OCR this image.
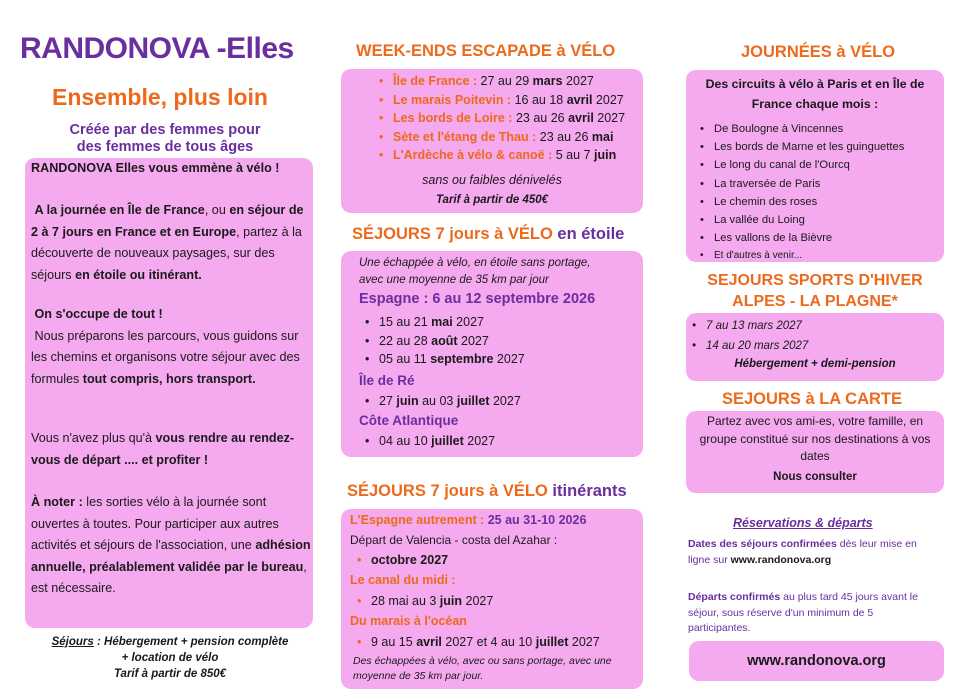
RANDONOVA -Elles
Ensemble, plus loin
Créée par des femmes pour
des femmes de tous âges
RANDONOVA Elles vous emmène à vélo !
A la journée en Île de France, ou en séjour de 2 à 7 jours en France et en Europe, partez à la découverte de nouveaux paysages, sur des séjours en étoile ou itinérant.
On s'occupe de tout !
Nous préparons les parcours, vous guidons sur les chemins et organisons votre séjour avec des formules tout compris, hors transport.
Vous n'avez plus qu'à vous rendre au rendez-vous de départ .... et profiter !
À noter : les sorties vélo à la journée sont ouvertes à toutes. Pour participer aux autres activités et séjours de l'association, une adhésion annuelle, préalablement validée par le bureau, est nécessaire.
Séjours : Hébergement + pension complète
+ location de vélo
Tarif à partir de 850€
WEEK-ENDS ESCAPADE à VÉLO
• Île de France : 27 au 29 mars 2027
• Le marais Poitevin : 16 au 18 avril 2027
• Les bords de Loire : 23 au 26 avril 2027
• Sète et l'étang de Thau : 23 au 26 mai
• L'Ardèche à vélo & canoë : 5 au 7 juin
sans ou faibles dénivelés
Tarif à partir de 450€
SÉJOURS 7 jours à VÉLO en étoile
Une échappée à vélo, en étoile sans portage,
avec une moyenne de 35 km par jour
Espagne : 6 au 12 septembre 2026
• 15 au 21 mai 2027
• 22 au 28 août 2027
• 05 au 11 septembre 2027
Île de Ré
• 27 juin au 03 juillet 2027
Côte Atlantique
• 04 au 10 juillet 2027
SÉJOURS 7 jours à VÉLO itinérants
L'Espagne autrement : 25 au 31-10 2026
Départ de Valencia - costa del Azahar :
• octobre 2027
Le canal du midi :
• 28 mai au 3 juin 2027
Du marais à l'océan
• 9 au 15 avril 2027 et 4 au 10 juillet 2027
Des échappées à vélo, avec ou sans portage, avec une
moyenne de 35 km par jour.
JOURNÉES à VÉLO
Des circuits à vélo à Paris et en Île de
France chaque mois :
• De Boulogne à Vincennes
• Les bords de Marne et les guinguettes
• Le long du canal de l'Ourcq
• La traversée de Paris
• Le chemin des roses
• La vallée du Loing
• Les vallons de la Bièvre
• Et d'autres à venir...
SEJOURS SPORTS D'HIVER
ALPES - LA PLAGNE*
• 7 au 13 mars 2027
• 14 au 20 mars 2027
Hébergement + demi-pension
SEJOURS à LA CARTE
Partez avec vos ami-es, votre famille, en
groupe constitué sur nos destinations à vos
dates
Nous consulter
Réservations & départs
Dates des séjours confirmées dès leur mise en
ligne sur www.randonova.org
Départs confirmés au plus tard 45 jours avant le
séjour, sous réserve d'un minimum de 5
participantes.
www.randonova.org
